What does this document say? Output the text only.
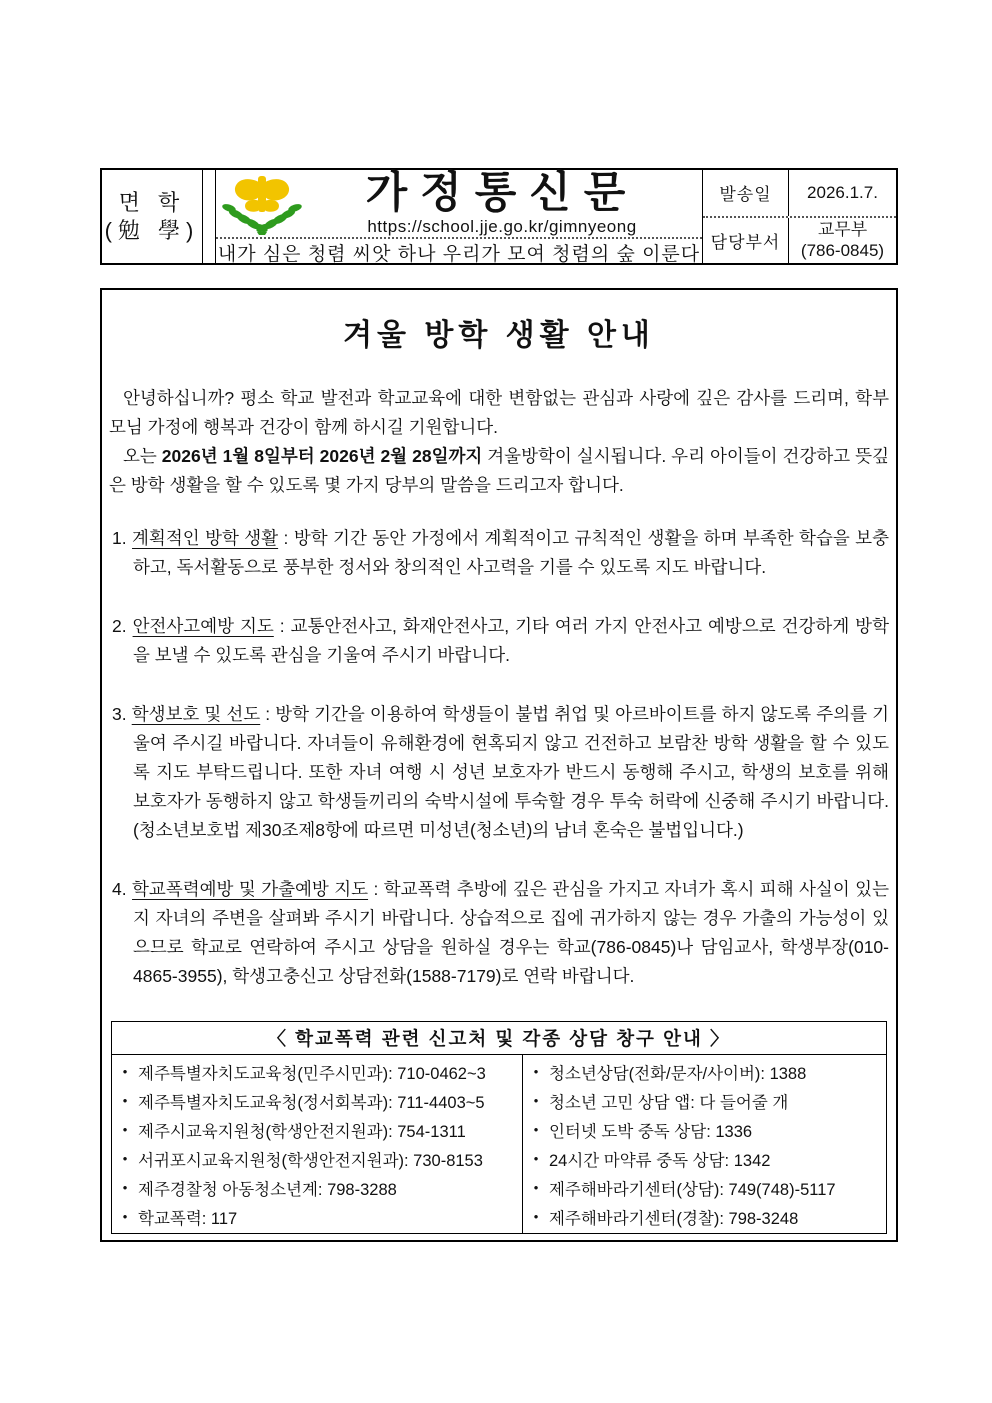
면 학
(勉 學)
가정통신문
https://school.jje.go.kr/gimnyeong
내가 심은 청렴 씨앗 하나 우리가 모여 청렴의 숲 이룬다
발송일	2026.1.7.
담당부서
교무부
(786-0845)
겨울 방학 생활 안내

안녕하십니까? 평소 학교 발전과 학교교육에 대한 변함없는 관심과 사랑에 깊은 감사를 드리며, 학부모님 가정에 행복과 건강이 함께 하시길 기원합니다.

오는 2026년 1월 8일부터 2026년 2월 28일까지 겨울방학이 실시됩니다. 우리 아이들이 건강하고 뜻깊은 방학 생활을 할 수 있도록 몇 가지 당부의 말씀을 드리고자 합니다.

1. 계획적인 방학 생활 : 방학 기간 동안 가정에서 계획적이고 규칙적인 생활을 하며 부족한 학습을 보충하고, 독서활동으로 풍부한 정서와 창의적인 사고력을 기를 수 있도록 지도 바랍니다.

2. 안전사고예방 지도 : 교통안전사고, 화재안전사고, 기타 여러 가지 안전사고 예방으로 건강하게 방학을 보낼 수 있도록 관심을 기울여 주시기 바랍니다.

3. 학생보호 및 선도 : 방학 기간을 이용하여 학생들이 불법 취업 및 아르바이트를 하지 않도록 주의를 기울여 주시길 바랍니다. 자녀들이 유해환경에 현혹되지 않고 건전하고 보람찬 방학 생활을 할 수 있도록 지도 부탁드립니다. 또한 자녀 여행 시 성년 보호자가 반드시 동행해 주시고, 학생의 보호를 위해 보호자가 동행하지 않고 학생들끼리의 숙박시설에 투숙할 경우 투숙 허락에 신중해 주시기 바랍니다.(청소년보호법 제30조제8항에 따르면 미성년(청소년)의 남녀 혼숙은 불법입니다.)

4. 학교폭력예방 및 가출예방 지도 : 학교폭력 추방에 깊은 관심을 가지고 자녀가 혹시 피해 사실이 있는지 자녀의 주변을 살펴봐 주시기 바랍니다. 상습적으로 집에 귀가하지 않는 경우 가출의 가능성이 있으므로 학교로 연락하여 주시고 상담을 원하실 경우는 학교(786-0845)나 담임교사, 학생부장(010-4865-3955), 학생고충신고 상담전화(1588-7179)로 연락 바랍니다.

〈 학교폭력 관련 신고처 및 각종 상담 창구 안내 〉
• 제주특별자치도교육청(민주시민과): 710-0462~3
• 제주특별자치도교육청(정서회복과): 711-4403~5
• 제주시교육지원청(학생안전지원과): 754-1311
• 서귀포시교육지원청(학생안전지원과): 730-8153
• 제주경찰청 아동청소년계: 798-3288
• 학교폭력: 117
• 청소년상담(전화/문자/사이버): 1388
• 청소년 고민 상담 앱: 다 들어줄 개
• 인터넷 도박 중독 상담: 1336
• 24시간 마약류 중독 상담: 1342
• 제주해바라기센터(상담): 749(748)-5117
• 제주해바라기센터(경찰): 798-3248
